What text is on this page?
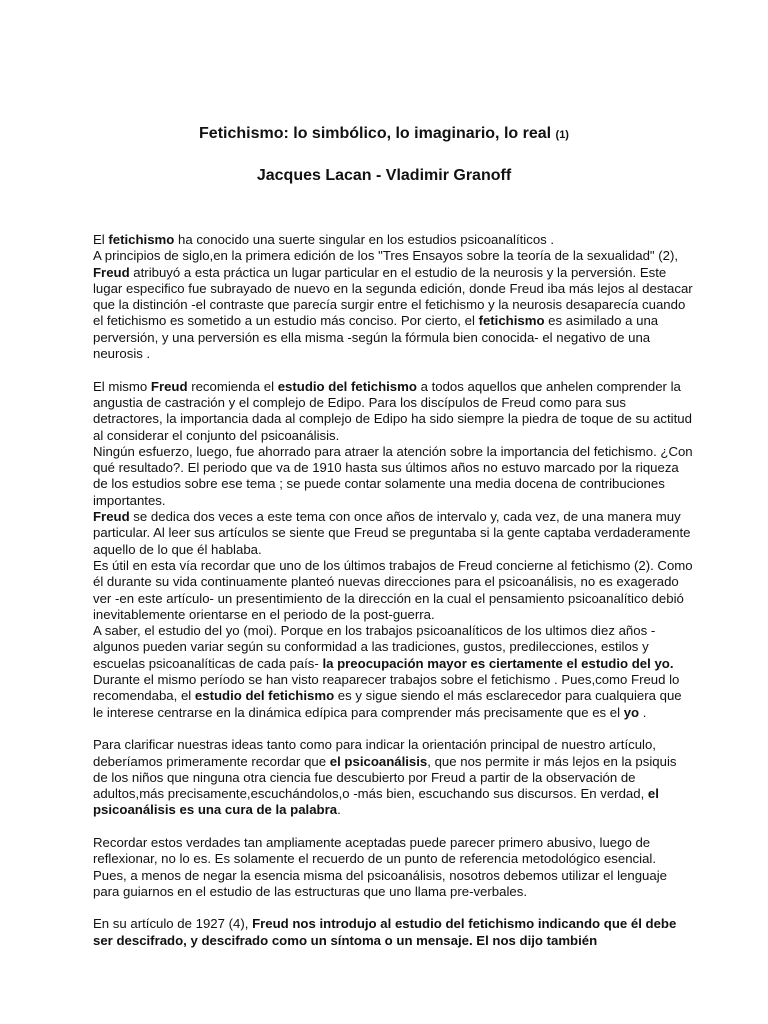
Fetichismo: lo simbólico, lo imaginario, lo real (1)
Jacques Lacan - Vladimir Granoff

El fetichismo ha conocido una suerte singular en los estudios psicoanalíticos .
A principios de siglo,en la primera edición de los "Tres Ensayos sobre la teoría de la sexualidad" (2), Freud atribuyó a esta práctica un lugar particular en el estudio de la neurosis y la perversión. Este lugar especifico fue subrayado de nuevo en la segunda edición, donde Freud iba más lejos al destacar que la distinción -el contraste que parecía surgir entre el fetichismo y la neurosis desaparecía cuando el fetichismo es sometido a un estudio más conciso. Por cierto, el fetichismo es asimilado a una perversión, y una perversión es ella misma -según la fórmula bien conocida- el negativo de una neurosis .

El mismo Freud recomienda el estudio del fetichismo a todos aquellos que anhelen comprender la angustia de castración y el complejo de Edipo. Para los discípulos de Freud como para sus detractores, la importancia dada al complejo de Edipo ha sido siempre la piedra de toque de su actitud al considerar el conjunto del psicoanálisis.
Ningún esfuerzo, luego, fue ahorrado para atraer la atención sobre la importancia del fetichismo. ¿Con qué resultado?. El periodo que va de 1910 hasta sus últimos años no estuvo marcado por la riqueza de los estudios sobre ese tema ; se puede contar solamente una media docena de contribuciones importantes.
Freud se dedica dos veces a este tema con once años de intervalo y, cada vez, de una manera muy particular. Al leer sus artículos se siente que Freud se preguntaba si la gente captaba verdaderamente aquello de lo que él hablaba.
Es útil en esta vía recordar que uno de los últimos trabajos de Freud concierne al fetichismo (2). Como él durante su vida continuamente planteó nuevas direcciones para el psicoanálisis, no es exagerado ver -en este artículo- un presentimiento de la dirección en la cual el pensamiento psicoanalítico debió inevitablemente orientarse en el periodo de la post-guerra.
A saber, el estudio del yo (moi). Porque en los trabajos psicoanalíticos de los ultimos diez años -algunos pueden variar según su conformidad a las tradiciones, gustos, predilecciones, estilos y escuelas psicoanalíticas de cada país- la preocupación mayor es ciertamente el estudio del yo.
Durante el mismo período se han visto reaparecer trabajos sobre el fetichismo . Pues,como Freud lo recomendaba, el estudio del fetichismo es y sigue siendo el más esclarecedor para cualquiera que le interese centrarse en la dinámica edípica para comprender más precisamente que es el yo .

Para clarificar nuestras ideas tanto como para indicar la orientación principal de nuestro artículo, deberíamos primeramente recordar que el psicoanálisis, que nos permite ir más lejos en la psiquis de los niños que ninguna otra ciencia fue descubierto por Freud a partir de la observación de adultos,más precisamente,escuchándolos,o -más bien, escuchando sus discursos. En verdad, el psicoanálisis es una cura de la palabra.

Recordar estos verdades tan ampliamente aceptadas puede parecer primero abusivo, luego de reflexionar, no lo es. Es solamente el recuerdo de un punto de referencia metodológico esencial. Pues, a menos de negar la esencia misma del psicoanálisis, nosotros debemos utilizar el lenguaje para guiarnos en el estudio de las estructuras que uno llama pre-verbales.

En su artículo de 1927 (4), Freud nos introdujo al estudio del fetichismo indicando que él debe ser descifrado, y descifrado como un síntoma o un mensaje. El nos dijo también
